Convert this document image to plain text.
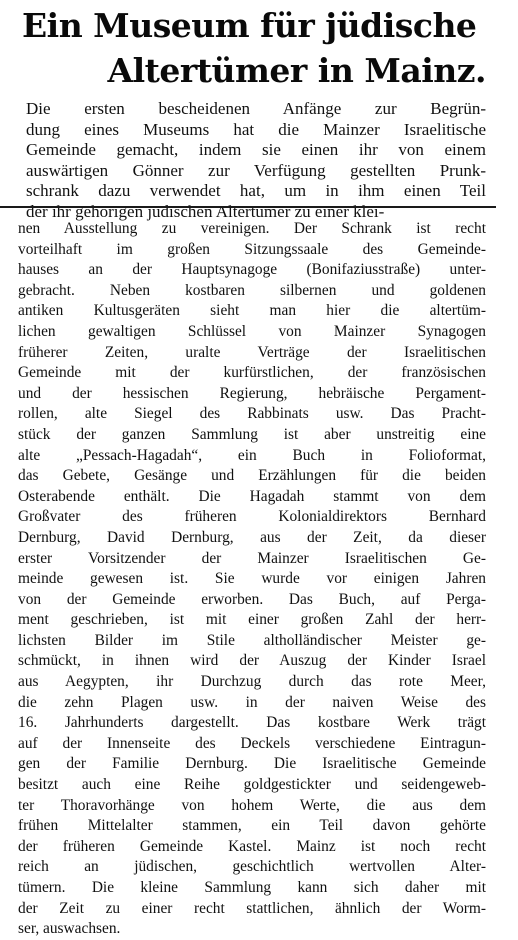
Ein Museum für jüdische
Altertümer in Mainz.
Die ersten bescheidenen Anfänge zur Begrün-
dung eines Museums hat die Mainzer Israelitische
Gemeinde gemacht, indem sie einen ihr von einem
auswärtigen Gönner zur Verfügung gestellten Prunk-
schrank dazu verwendet hat, um in ihm einen Teil
der ihr gehörigen jüdischen Altertümer zu einer klei-
nen Ausstellung zu vereinigen. Der Schrank ist recht
vorteilhaft im großen Sitzungssaale des Gemeinde-
hauses an der Hauptsynagoge (Bonifaziusstraße) unter-
gebracht. Neben kostbaren silbernen und goldenen
antiken Kultusgeräten sieht man hier die altertüm-
lichen gewaltigen Schlüssel von Mainzer Synagogen
früherer Zeiten, uralte Verträge der Israelitischen
Gemeinde mit der kurfürstlichen, der französischen
und der hessischen Regierung, hebräische Pergament-
rollen, alte Siegel des Rabbinats usw. Das Pracht-
stück der ganzen Sammlung ist aber unstreitig eine
alte „Pessach-Hagadah“, ein Buch in Folioformat,
das Gebete, Gesänge und Erzählungen für die beiden
Osterabende enthält. Die Hagadah stammt von dem
Großvater des früheren Kolonialdirektors Bernhard
Dernburg, David Dernburg, aus der Zeit, da dieser
erster Vorsitzender der Mainzer Israelitischen Ge-
meinde gewesen ist. Sie wurde vor einigen Jahren
von der Gemeinde erworben. Das Buch, auf Perga-
ment geschrieben, ist mit einer großen Zahl der herr-
lichsten Bilder im Stile altholländischer Meister ge-
schmückt, in ihnen wird der Auszug der Kinder Israel
aus Aegypten, ihr Durchzug durch das rote Meer,
die zehn Plagen usw. in der naiven Weise des
16. Jahrhunderts dargestellt. Das kostbare Werk trägt
auf der Innenseite des Deckels verschiedene Eintragun-
gen der Familie Dernburg. Die Israelitische Gemeinde
besitzt auch eine Reihe goldgestickter und seidengeweb-
ter Thoravorhänge von hohem Werte, die aus dem
frühen Mittelalter stammen, ein Teil davon gehörte
der früheren Gemeinde Kastel. Mainz ist noch recht
reich an jüdischen, geschichtlich wertvollen Alter-
tümern. Die kleine Sammlung kann sich daher mit
der Zeit zu einer recht stattlichen, ähnlich der Worm-
ser, auswachsen.
